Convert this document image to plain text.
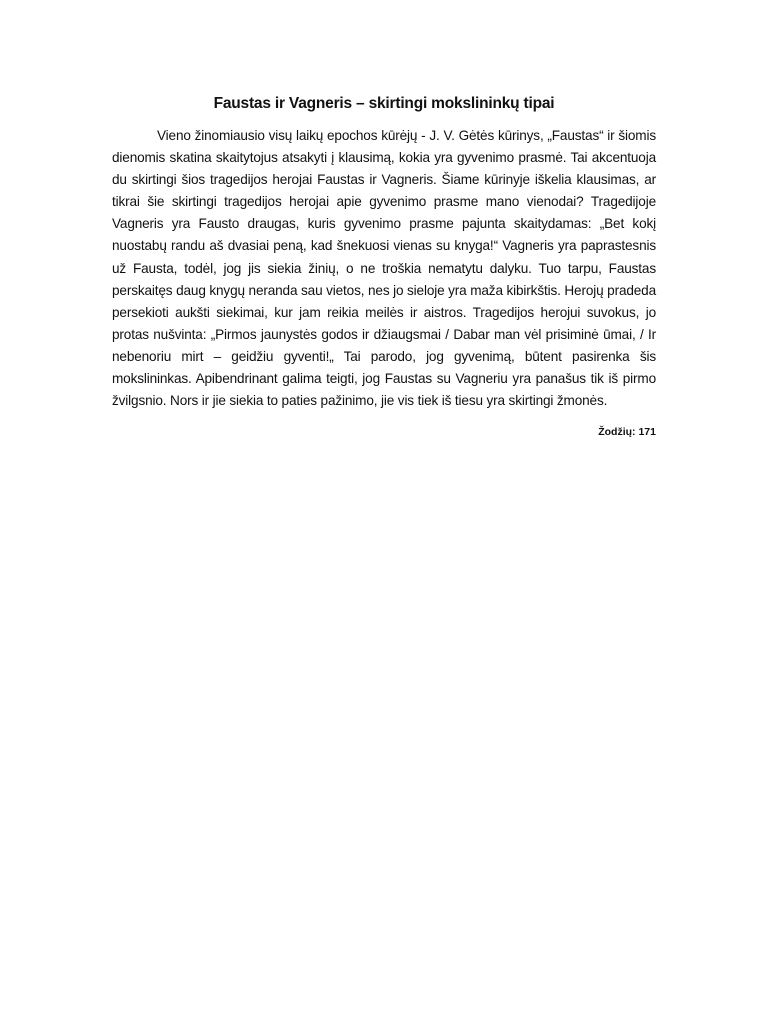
Faustas ir Vagneris – skirtingi mokslininkų tipai

Vieno žinomiausio visų laikų epochos kūrėjų - J. V. Gėtės kūrinys, „Faustas“ ir šiomis dienomis skatina skaitytojus atsakyti į klausimą, kokia yra gyvenimo prasmė. Tai akcentuoja du skirtingi šios tragedijos herojai Faustas ir Vagneris. Šiame kūrinyje iškelia klausimas, ar tikrai šie skirtingi tragedijos herojai apie gyvenimo prasme mano vienodai? Tragedijoje Vagneris yra Fausto draugas, kuris gyvenimo prasme pajunta skaitydamas: „Bet kokį nuostabų randu aš dvasiai peną, kad šnekuosi vienas su knyga!“ Vagneris yra paprastesnis už Fausta, todėl, jog jis siekia žinių, o ne troškia nematytu dalyku. Tuo tarpu, Faustas perskaitęs daug knygų neranda sau vietos, nes jo sieloje yra maža kibirkštis. Herojų pradeda persekioti aukšti siekimai, kur jam reikia meilės ir aistros. Tragedijos herojui suvokus, jo protas nušvinta: „Pirmos jaunystės godos ir džiaugsmai / Dabar man vėl prisiminė ūmai, / Ir nebenoriu mirt – geidžiu gyventi!„ Tai parodo, jog gyvenimą, būtent pasirenka šis mokslininkas. Apibendrinant galima teigti, jog Faustas su Vagneriu yra panašus tik iš pirmo žvilgsnio. Nors ir jie siekia to paties pažinimo, jie vis tiek iš tiesu yra skirtingi žmonės.

Žodžių: 171
